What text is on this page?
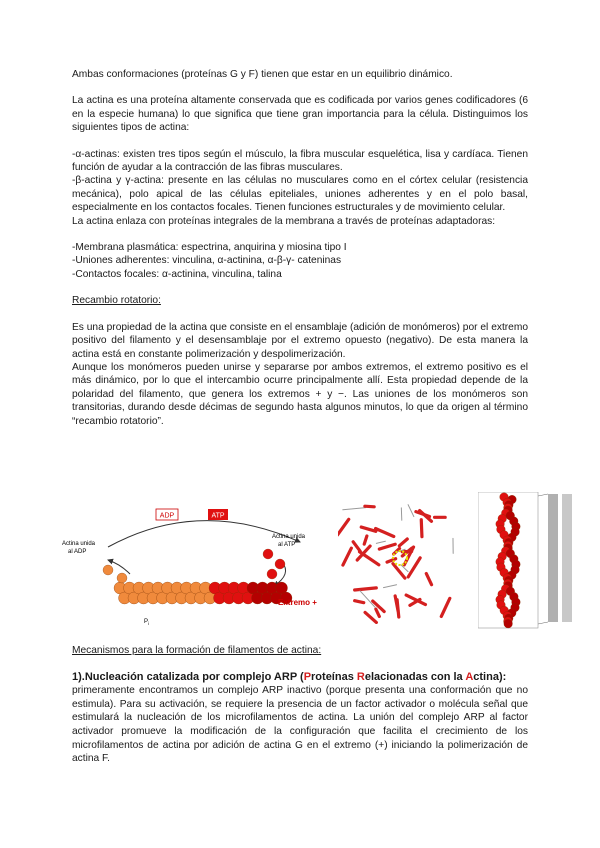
Ambas conformaciones (proteínas G y F) tienen que estar en un equilibrio dinámico.

La actina es una proteína altamente conservada que es codificada por varios genes codificadores (6 en la especie humana) lo que significa que tiene gran importancia para la célula. Distinguimos los siguientes tipos de actina:

-α-actinas: existen tres tipos según el músculo, la fibra muscular esquelética, lisa y cardíaca. Tienen función de ayudar a la contracción de las fibras musculares.

-β-actina y γ-actina: presente en las células no musculares como en el córtex celular (resistencia mecánica), polo apical de las células epiteliales, uniones adherentes y en el polo basal, especialmente en los contactos focales. Tienen funciones estructurales y de movimiento celular.

La actina enlaza con proteínas integrales de la membrana a través de proteínas adaptadoras:

-Membrana plasmática: espectrina, anquirina y miosina tipo I

-Uniones adherentes: vinculina, α-actinina, α-β-γ- cateninas

-Contactos focales: α-actinina, vinculina, talina

Recambio rotatorio:

Es una propiedad de la actina que consiste en el ensamblaje (adición de monómeros) por el extremo positivo del filamento y el desensamblaje por el extremo opuesto (negativo). De esta manera la actina está en constante polimerización y despolimerización.

Aunque los monómeros pueden unirse y separarse por ambos extremos, el extremo positivo es el más dinámico, por lo que el intercambio ocurre principalmente allí. Esta propiedad depende de la polaridad del filamento, que genera los extremos + y −. Las uniones de los monómeros son transitorias, durando desde décimas de segundo hasta algunos minutos, lo que da origen al término “recambio rotatorio”.

ADP	ATP
Actina unida
al ADP
Actina unida
al ATP
Extremo +
P i

Mecanismos para la formación de filamentos de actina:

1).Nucleación catalizada por complejo ARP (Proteínas Relacionadas con la Actina):

primeramente encontramos un complejo ARP inactivo (porque presenta una conformación que no estimula). Para su activación, se requiere la presencia de un factor activador o molécula señal que estimulará la nucleación de los microfilamentos de actina. La unión del complejo ARP al factor activador promueve la modificación de la configuración que facilita el crecimiento de los microfilamentos de actina por adición de actina G en el extremo (+) iniciando la polimerización de actina F.
